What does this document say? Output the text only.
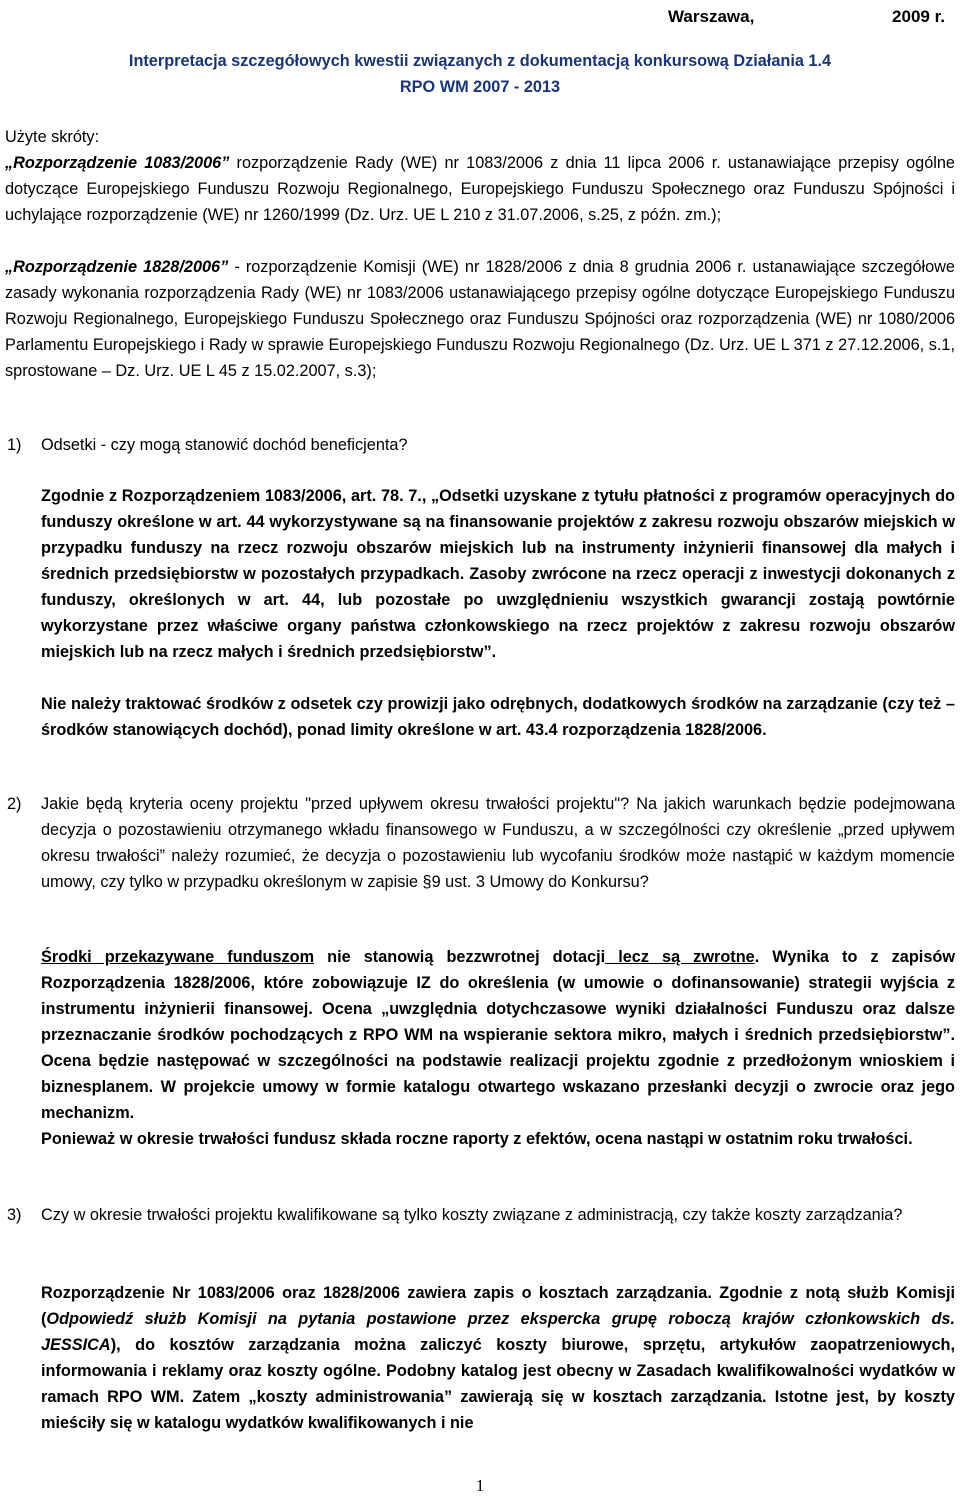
Warszawa,	2009 r.
Interpretacja szczegółowych kwestii związanych z dokumentacją konkursową Działania 1.4
RPO WM 2007 - 2013
Użyte skróty:
„Rozporządzenie 1083/2006” rozporządzenie Rady (WE) nr 1083/2006 z dnia 11 lipca 2006 r. ustanawiające przepisy ogólne dotyczące Europejskiego Funduszu Rozwoju Regionalnego, Europejskiego Funduszu Społecznego oraz Funduszu Spójności i uchylające rozporządzenie (WE) nr 1260/1999 (Dz. Urz. UE L 210 z 31.07.2006, s.25, z późn. zm.);
„Rozporządzenie 1828/2006” - rozporządzenie Komisji (WE) nr 1828/2006 z dnia 8 grudnia 2006 r. ustanawiające szczegółowe zasady wykonania rozporządzenia Rady (WE) nr 1083/2006 ustanawiającego przepisy ogólne dotyczące Europejskiego Funduszu Rozwoju Regionalnego, Europejskiego Funduszu Społecznego oraz Funduszu Spójności oraz rozporządzenia (WE) nr 1080/2006 Parlamentu Europejskiego i Rady w sprawie Europejskiego Funduszu Rozwoju Regionalnego (Dz. Urz. UE L 371 z 27.12.2006, s.1, sprostowane – Dz. Urz. UE L 45 z 15.02.2007, s.3);
1) Odsetki - czy mogą stanowić dochód beneficjenta?
Zgodnie z Rozporządzeniem 1083/2006, art. 78. 7., „Odsetki uzyskane z tytułu płatności z programów operacyjnych do funduszy określone w art. 44 wykorzystywane są na finansowanie projektów z zakresu rozwoju obszarów miejskich w przypadku funduszy na rzecz rozwoju obszarów miejskich lub na instrumenty inżynierii finansowej dla małych i średnich przedsiębiorstw w pozostałych przypadkach. Zasoby zwrócone na rzecz operacji z inwestycji dokonanych z funduszy, określonych w art. 44, lub pozostałe po uwzględnieniu wszystkich gwarancji zostają powtórnie wykorzystane przez właściwe organy państwa członkowskiego na rzecz projektów z zakresu rozwoju obszarów miejskich lub na rzecz małych i średnich przedsiębiorstw”.
Nie należy traktować środków z odsetek czy prowizji jako odrębnych, dodatkowych środków na zarządzanie (czy też – środków stanowiących dochód), ponad limity określone w art. 43.4 rozporządzenia 1828/2006.
2) Jakie będą kryteria oceny projektu "przed upływem okresu trwałości projektu"? Na jakich warunkach będzie podejmowana decyzja o pozostawieniu otrzymanego wkładu finansowego w Funduszu, a w szczególności czy określenie „przed upływem okresu trwałości” należy rozumieć, że decyzja o pozostawieniu lub wycofaniu środków może nastąpić w każdym momencie umowy, czy tylko w przypadku określonym w zapisie §9 ust. 3 Umowy do Konkursu?
Środki przekazywane funduszom nie stanowią bezzwrotnej dotacji lecz są zwrotne. Wynika to z zapisów Rozporządzenia 1828/2006, które zobowiązuje IZ do określenia (w umowie o dofinansowanie) strategii wyjścia z instrumentu inżynierii finansowej. Ocena „uwzględnia dotychczasowe wyniki działalności Funduszu oraz dalsze przeznaczanie środków pochodzących z RPO WM na wspieranie sektora mikro, małych i średnich przedsiębiorstw”. Ocena będzie następować w szczególności na podstawie realizacji projektu zgodnie z przedłożonym wnioskiem i biznesplanem. W projekcie umowy w formie katalogu otwartego wskazano przesłanki decyzji o zwrocie oraz jego mechanizm.
Ponieważ w okresie trwałości fundusz składa roczne raporty z efektów, ocena nastąpi w ostatnim roku trwałości.
3) Czy w okresie trwałości projektu kwalifikowane są tylko koszty związane z administracją, czy także koszty zarządzania?
Rozporządzenie Nr 1083/2006 oraz 1828/2006 zawiera zapis o kosztach zarządzania. Zgodnie z notą służb Komisji (Odpowiedź służb Komisji na pytania postawione przez ekspercka grupę roboczą krajów członkowskich ds. JESSICA), do kosztów zarządzania można zaliczyć koszty biurowe, sprzętu, artykułów zaopatrzeniowych, informowania i reklamy oraz koszty ogólne. Podobny katalog jest obecny w Zasadach kwalifikowalności wydatków w ramach RPO WM. Zatem „koszty administrowania” zawierają się w kosztach zarządzania. Istotne jest, by koszty mieściły się w katalogu wydatków kwalifikowanych i nie
1
